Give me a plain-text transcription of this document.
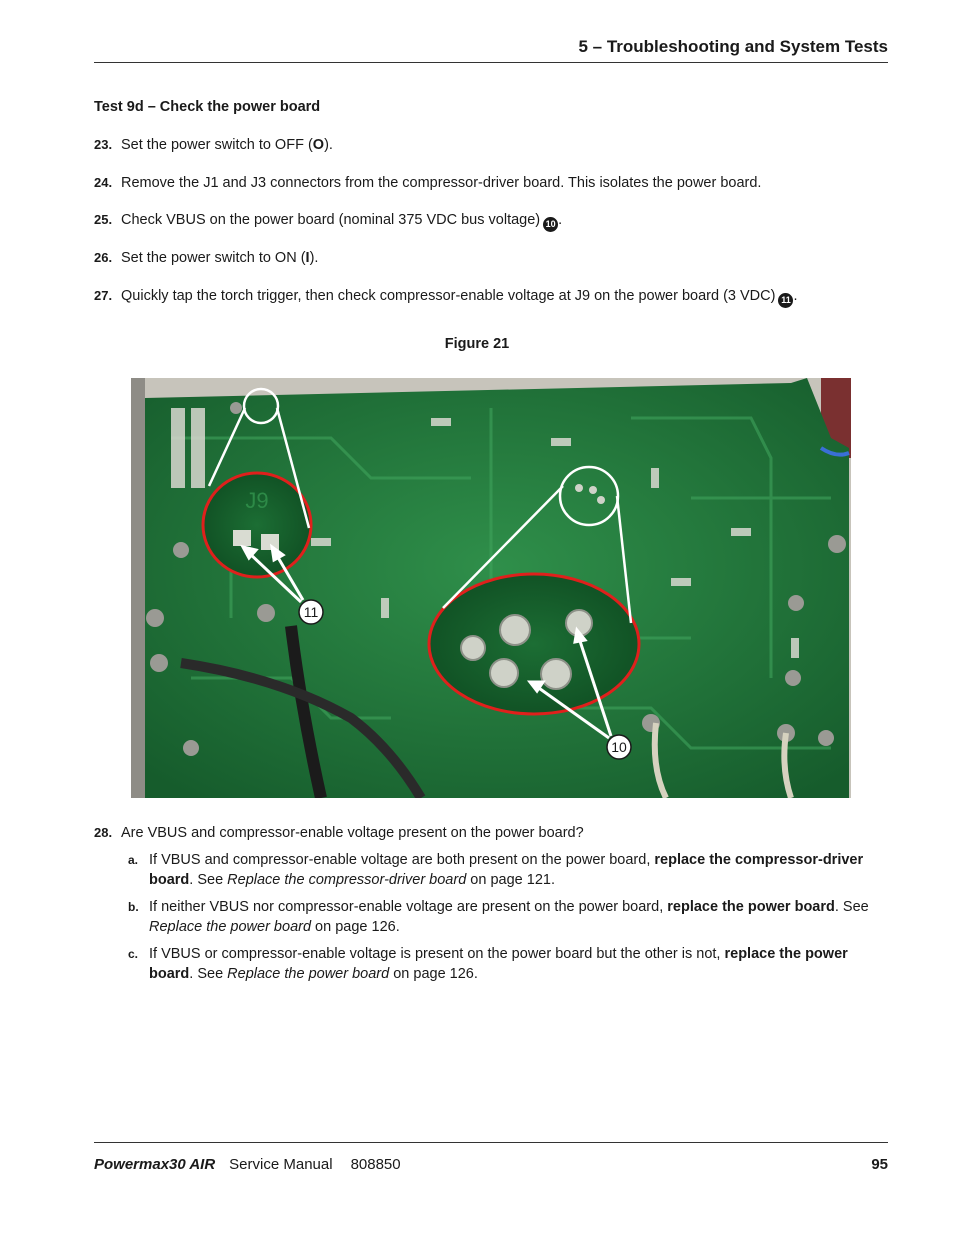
5 – Troubleshooting and System Tests
Test 9d – Check the power board
23. Set the power switch to OFF (O).
24. Remove the J1 and J3 connectors from the compressor-driver board. This isolates the power board.
25. Check VBUS on the power board (nominal 375 VDC bus voltage) 10 .
26. Set the power switch to ON (I).
27. Quickly tap the torch trigger, then check compressor-enable voltage at J9 on the power board (3 VDC) 11 .
Figure 21
J9
11
10
28. Are VBUS and compressor-enable voltage present on the power board?
a. If VBUS and compressor-enable voltage are both present on the power board, replace the compressor-driver board. See Replace the compressor-driver board on page 121.
b. If neither VBUS nor compressor-enable voltage are present on the power board, replace the power board. See Replace the power board on page 126.
c. If VBUS or compressor-enable voltage is present on the power board but the other is not, replace the power board. See Replace the power board on page 126.
Powermax30 AIR Service Manual 808850	95
